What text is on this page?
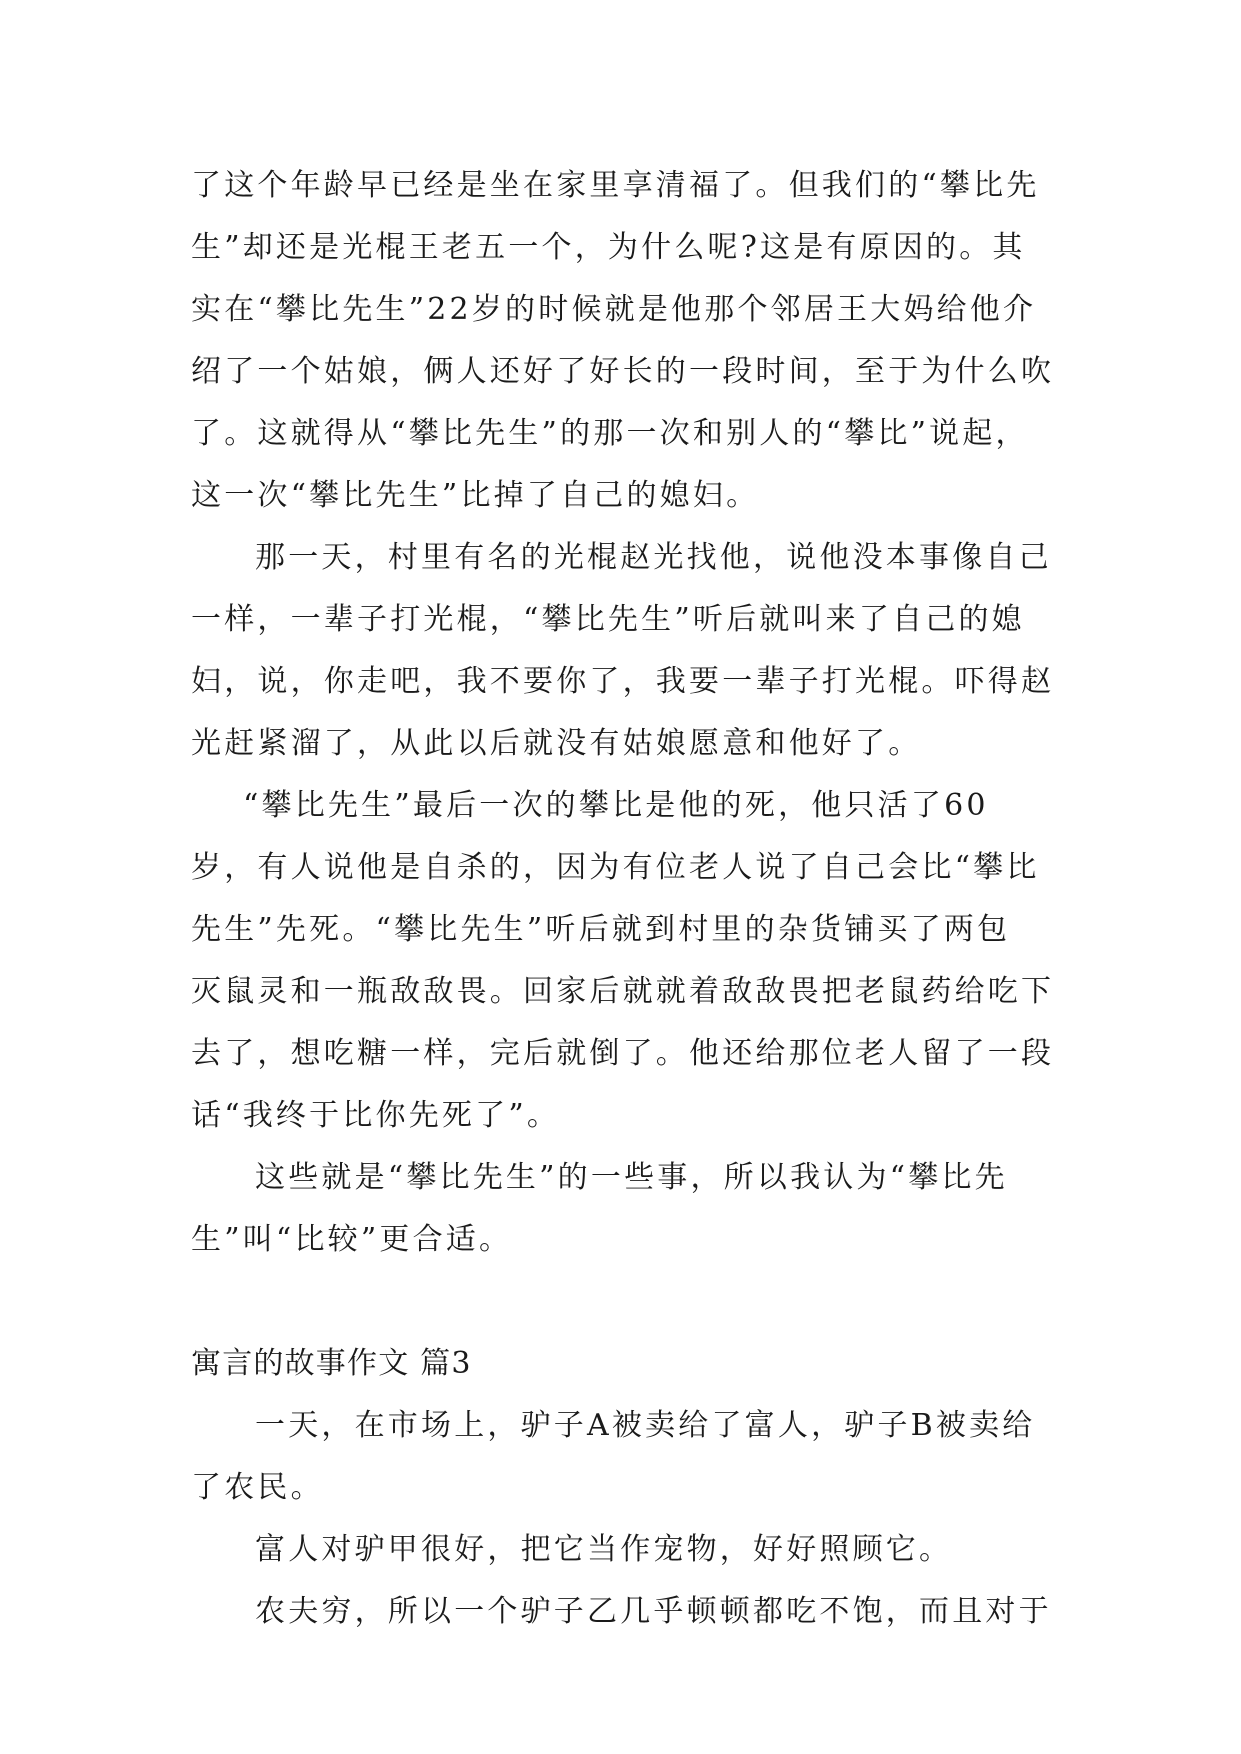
了这个年龄早已经是坐在家里享清福了。但我们的“攀比先
生”却还是光棍王老五一个，为什么呢?这是有原因的。其
实在“攀比先生”22岁的时候就是他那个邻居王大妈给他介
绍了一个姑娘，俩人还好了好长的一段时间，至于为什么吹
了。这就得从“攀比先生”的那一次和别人的“攀比”说起，
这一次“攀比先生”比掉了自己的媳妇。
那一天，村里有名的光棍赵光找他，说他没本事像自己
一样，一辈子打光棍，“攀比先生”听后就叫来了自己的媳
妇，说，你走吧，我不要你了，我要一辈子打光棍。吓得赵
光赶紧溜了，从此以后就没有姑娘愿意和他好了。
“攀比先生”最后一次的攀比是他的死，他只活了60
岁，有人说他是自杀的，因为有位老人说了自己会比“攀比
先生”先死。“攀比先生”听后就到村里的杂货铺买了两包
灭鼠灵和一瓶敌敌畏。回家后就就着敌敌畏把老鼠药给吃下
去了，想吃糖一样，完后就倒了。他还给那位老人留了一段
话“我终于比你先死了”。
这些就是“攀比先生”的一些事，所以我认为“攀比先
生”叫“比较”更合适。
寓言的故事作文 篇3
一天，在市场上，驴子A被卖给了富人，驴子B被卖给
了农民。
富人对驴甲很好，把它当作宠物，好好照顾它。
农夫穷，所以一个驴子乙几乎顿顿都吃不饱，而且对于
